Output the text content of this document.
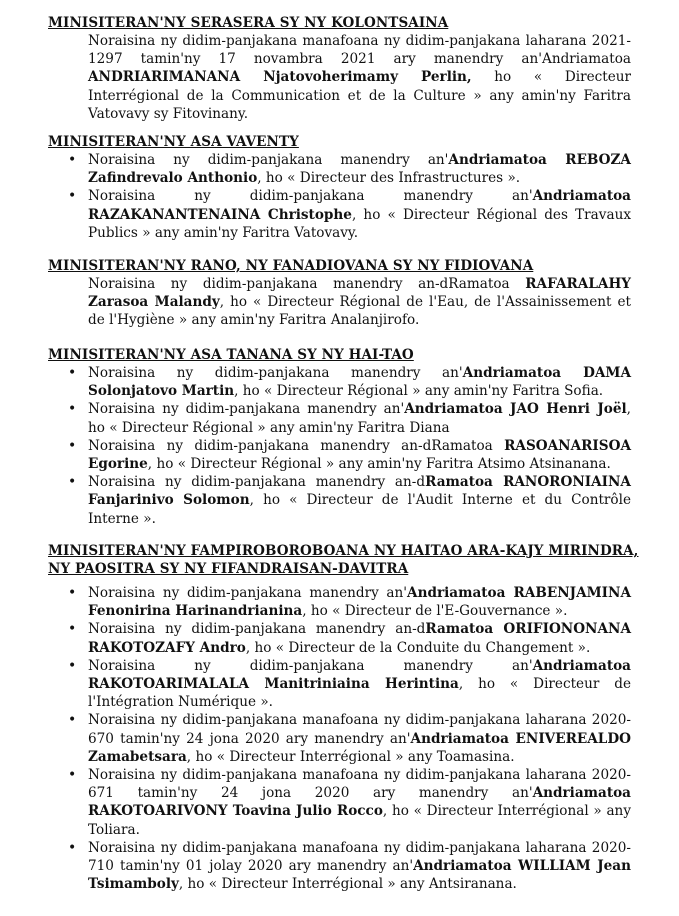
MINISITERAN'NY SERASERA SY NY KOLONTSAINA

Noraisina ny didim-panjakana manafoana ny didim-panjakana laharana 2021-1297 tamin'ny 17 novambra 2021 ary manendry an'Andriamatoa ANDRIARIMANANA Njatovoherimamy Perlin, ho « Directeur Interrégional de la Communication et de la Culture » any amin'ny Faritra Vatovavy sy Fitovinany.

MINISITERAN'NY ASA VAVENTY
• Noraisina ny didim-panjakana manendry an'Andriamatoa REBOZA Zafindrevalo Anthonio, ho « Directeur des Infrastructures ».
• Noraisina ny didim-panjakana manendry an'Andriamatoa RAZAKANANTENAINA Christophe, ho « Directeur Régional des Travaux Publics » any amin'ny Faritra Vatovavy.
MINISITERAN'NY RANO, NY FANADIOVANA SY NY FIDIOVANA

Noraisina ny didim-panjakana manendry an-dRamatoa RAFARALAHY Zarasoa Malandy, ho « Directeur Régional de l'Eau, de l'Assainissement et de l'Hygiène » any amin'ny Faritra Analanjirofo.

MINISITERAN'NY ASA TANANA SY NY HAI-TAO
• Noraisina ny didim-panjakana manendry an'Andriamatoa DAMA Solonjatovo Martin, ho « Directeur Régional » any amin'ny Faritra Sofia.
• Noraisina ny didim-panjakana manendry an'Andriamatoa JAO Henri Joël, ho « Directeur Régional » any amin'ny Faritra Diana
• Noraisina ny didim-panjakana manendry an-dRamatoa RASOANARISOA Egorine, ho « Directeur Régional » any amin'ny Faritra Atsimo Atsinanana.
• Noraisina ny didim-panjakana manendry an-dRamatoa RANORONIAINA Fanjarinivo Solomon, ho « Directeur de l'Audit Interne et du Contrôle Interne ».
MINISITERAN'NY FAMPIROBOROBOANA NY HAITAO ARA-KAJY MIRINDRA,
NY PAOSITRA SY NY FIFANDRAISAN-DAVITRA
• Noraisina ny didim-panjakana manendry an'Andriamatoa RABENJAMINA Fenonirina Harinandrianina, ho « Directeur de l'E-Gouvernance ».
• Noraisina ny didim-panjakana manendry an-dRamatoa ORIFIONONANA RAKOTOZAFY Andro, ho « Directeur de la Conduite du Changement ».
• Noraisina ny didim-panjakana manendry an'Andriamatoa RAKOTOARIMALALA Manitriniaina Herintina, ho « Directeur de l'Intégration Numérique ».
• Noraisina ny didim-panjakana manafoana ny didim-panjakana laharana 2020-670 tamin'ny 24 jona 2020 ary manendry an'Andriamatoa ENIVEREALDO Zamabetsara, ho « Directeur Interrégional » any Toamasina.
• Noraisina ny didim-panjakana manafoana ny didim-panjakana laharana 2020-671 tamin'ny 24 jona 2020 ary manendry an'Andriamatoa RAKOTOARIVONY Toavina Julio Rocco, ho « Directeur Interrégional » any Toliara.
• Noraisina ny didim-panjakana manafoana ny didim-panjakana laharana 2020-710 tamin'ny 01 jolay 2020 ary manendry an'Andriamatoa WILLIAM Jean Tsimamboly, ho « Directeur Interrégional » any Antsiranana.
